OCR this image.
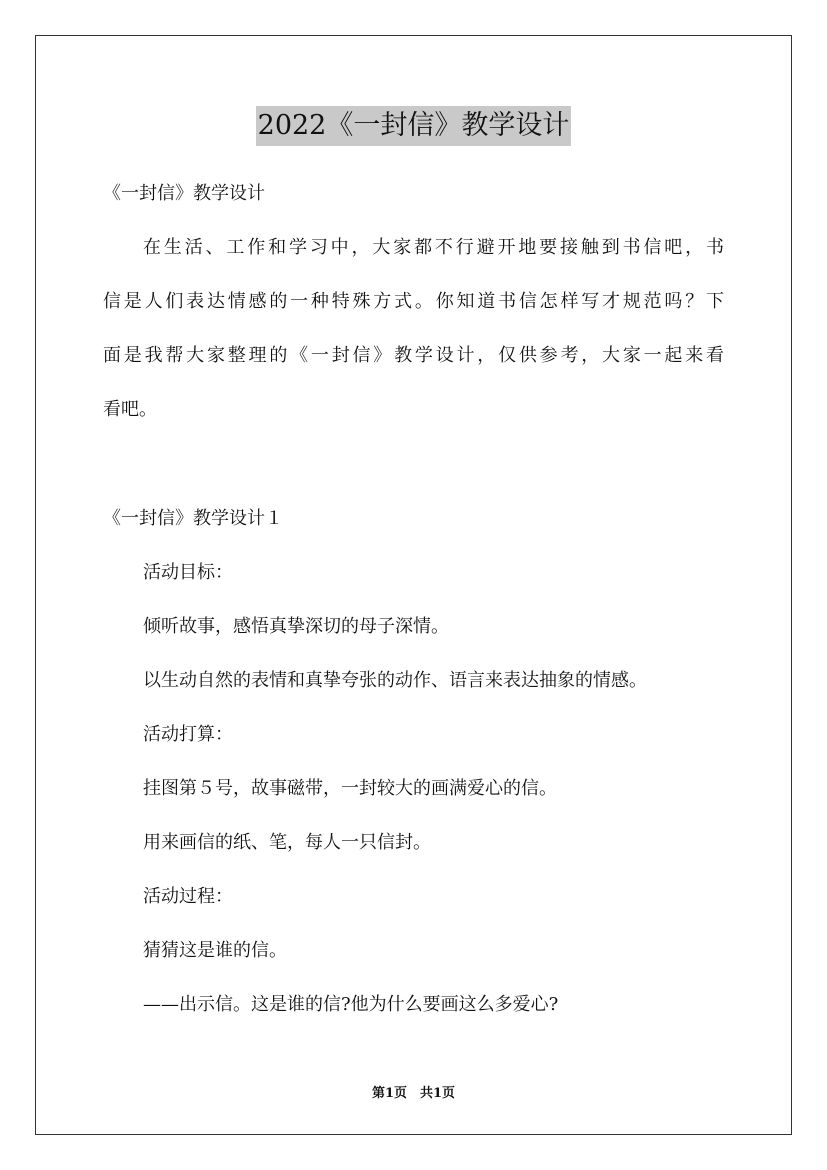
2022《一封信》教学设计

《一封信》教学设计

在生活、工作和学习中，大家都不行避开地要接触到书信吧，书

信是人们表达情感的一种特殊方式。你知道书信怎样写才规范吗？下

面是我帮大家整理的《一封信》教学设计，仅供参考，大家一起来看

看吧。

《一封信》教学设计１

活动目标：

倾听故事，感悟真挚深切的母子深情。

以生动自然的表情和真挚夸张的动作、语言来表达抽象的情感。

活动打算：

挂图第５号，故事磁带，一封较大的画满爱心的信。

用来画信的纸、笔，每人一只信封。

活动过程：

猜猜这是谁的信。

——出示信。这是谁的信?他为什么要画这么多爱心?

第1页　共1页
